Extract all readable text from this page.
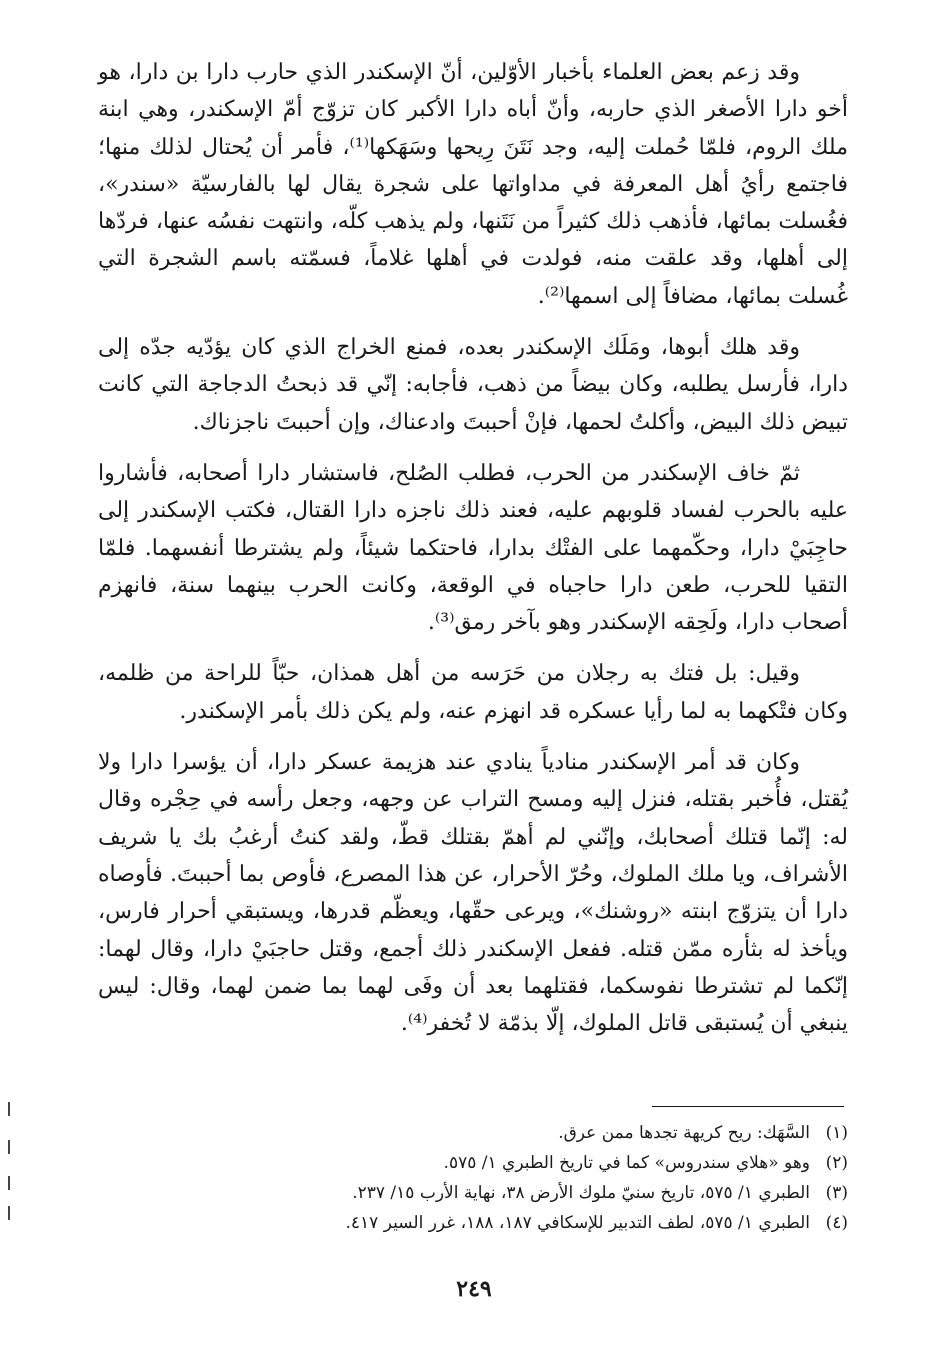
وقد زعم بعض العلماء بأخبار الأوّلين، أنّ الإسكندر الذي حارب دارا بن دارا، هو أخو دارا الأصغر الذي حاربه، وأنّ أباه دارا الأكبر كان تزوّج أمّ الإسكندر، وهي ابنة ملك الروم، فلمّا حُملت إليه، وجد نَتَنَ رِيحها وسَهَكها⁽¹⁾، فأمر أن يُحتال لذلك منها؛ فاجتمع رأيُ أهل المعرفة في مداواتها على شجرة يقال لها بالفارسيّة «سندر»، فغُسلت بمائها، فأذهب ذلك كثيراً من نَتَنها، ولم يذهب كلّه، وانتهت نفسُه عنها، فردّها إلى أهلها، وقد علقت منه، فولدت في أهلها غلاماً، فسمّته باسم الشجرة التي غُسلت بمائها، مضافاً إلى اسمها⁽²⁾.

وقد هلك أبوها، ومَلَك الإسكندر بعده، فمنع الخراج الذي كان يؤدّيه جدّه إلى دارا، فأرسل يطلبه، وكان بيضاً من ذهب، فأجابه: إنّي قد ذبحتُ الدجاجة التي كانت تبيض ذلك البيض، وأكلتُ لحمها، فإنْ أحببتَ وادعناك، وإن أحببتَ ناجزناك.

ثمّ خاف الإسكندر من الحرب، فطلب الصُلح، فاستشار دارا أصحابه، فأشاروا عليه بالحرب لفساد قلوبهم عليه، فعند ذلك ناجزه دارا القتال، فكتب الإسكندر إلى حاجِبَيْ دارا، وحكّمهما على الفتْك بدارا، فاحتكما شيئاً، ولم يشترطا أنفسهما. فلمّا التقيا للحرب، طعن دارا حاجباه في الوقعة، وكانت الحرب بينهما سنة، فانهزم أصحاب دارا، ولَحِقه الإسكندر وهو بآخر رمق⁽³⁾.

وقيل: بل فتك به رجلان من حَرَسه من أهل همذان، حبّاً للراحة من ظلمه، وكان فتْكهما به لما رأيا عسكره قد انهزم عنه، ولم يكن ذلك بأمر الإسكندر.

وكان قد أمر الإسكندر منادياً ينادي عند هزيمة عسكر دارا، أن يؤسرا دارا ولا يُقتل، فأُخبر بقتله، فنزل إليه ومسح التراب عن وجهه، وجعل رأسه في حِجْره وقال له: إنّما قتلك أصحابك، وإنّني لم أهمّ بقتلك قطّ، ولقد كنتُ أرغبُ بك يا شريف الأشراف، ويا ملك الملوك، وحُرّ الأحرار، عن هذا المصرع، فأوص بما أحببتَ. فأوصاه دارا أن يتزوّج ابنته «روشنك»، ويرعى حقّها، ويعظّم قدرها، ويستبقي أحرار فارس، ويأخذ له بثأره ممّن قتله. ففعل الإسكندر ذلك أجمع، وقتل حاجبَيْ دارا، وقال لهما: إنّكما لم تشترطا نفوسكما، فقتلهما بعد أن وفَى لهما بما ضمن لهما، وقال: ليس ينبغي أن يُستبقى قاتل الملوك، إلّا بذمّة لا تُخفر⁽⁴⁾.

(١)السَّهَك: ريح كريهة تجدها ممن عرق.

(٢)وهو «هلاي سندروس» كما في تاريخ الطبري ١/ ٥٧٥.

(٣)الطبري ١/ ٥٧٥، تاريخ سنيّ ملوك الأرض ٣٨، نهاية الأرب ١٥/ ٢٣٧.

(٤)الطبري ١/ ٥٧٥، لطف التدبير للإسكافي ١٨٧، ١٨٨، غرر السير ٤١٧.

٢٤٩
